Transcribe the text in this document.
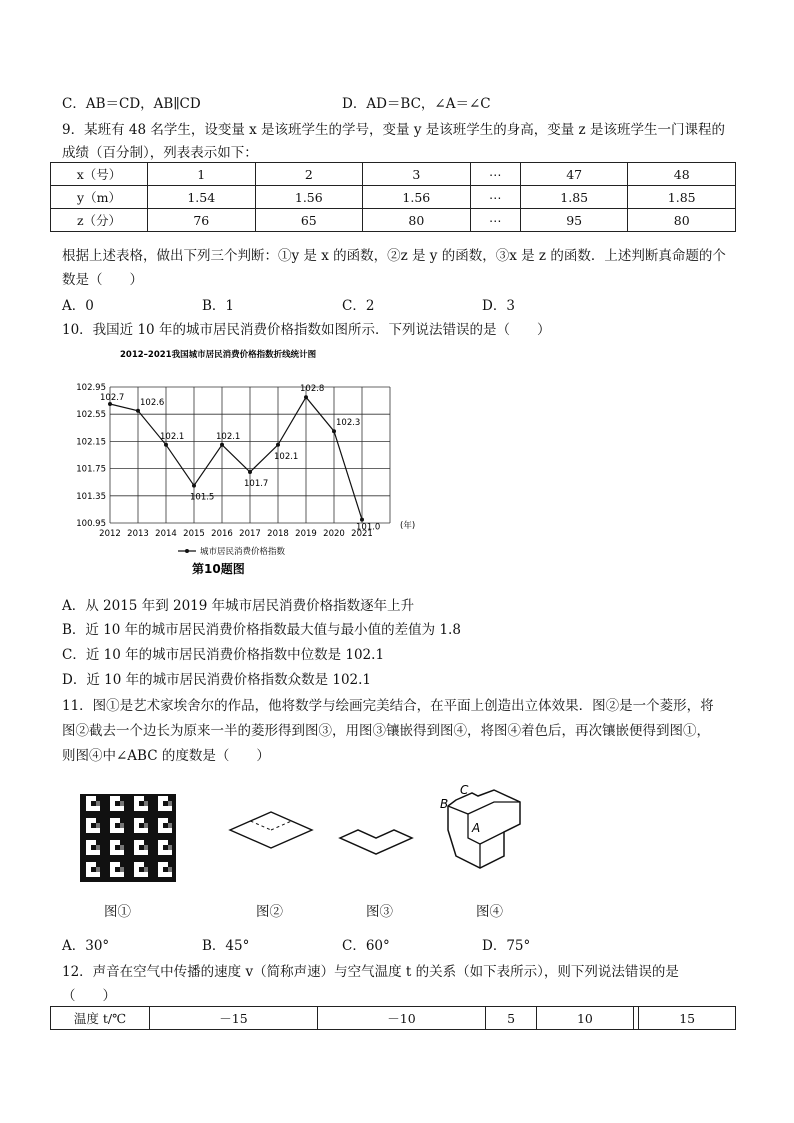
C．AB＝CD，AB∥CD	D．AD＝BC，∠A＝∠C
9．某班有 48 名学生，设变量 x 是该班学生的学号，变量 y 是该班学生的身高，变量 z 是该班学生一门课程的
成绩（百分制），列表表示如下：
x（号）	1	2	3	⋯	47	48
y（m）	1.54	1.56	1.56	⋯	1.85	1.85
z（分）	76	65	80	⋯	95	80
根据上述表格，做出下列三个判断：①y 是 x 的函数，②z 是 y 的函数，③x 是 z 的函数．上述判断真命题的个
数是（　　）
A．0	B．1	C．2	D．3
10．我国近 10 年的城市居民消费价格指数如图所示．下列说法错误的是（　　）
2012–2021我国城市居民消费价格指数折线统计图
102.95
102.55
102.15
101.75
101.35
100.95
2012 2013 2014 2015 2016 2017 2018 2019 2020 2021
(年)
102.7 102.6
102.1
101.5
102.1
101.7
102.1
102.8
102.3
101.0
城市居民消费价格指数
第10题图
A．从 2015 年到 2019 年城市居民消费价格指数逐年上升
B．近 10 年的城市居民消费价格指数最大值与最小值的差值为 1.8
C．近 10 年的城市居民消费价格指数中位数是 102.1
D．近 10 年的城市居民消费价格指数众数是 102.1
11．图①是艺术家埃舍尔的作品，他将数学与绘画完美结合，在平面上创造出立体效果．图②是一个菱形，将
图②截去一个边长为原来一半的菱形得到图③，用图③镶嵌得到图④，将图④着色后，再次镶嵌便得到图①，
则图④中∠ABC 的度数是（　　）
B
C
A
图①	图②	图③	图④
A．30°	B．45°	C．60°	D．75°
12．声音在空气中传播的速度 v（简称声速）与空气温度 t 的关系（如下表所示），则下列说法错误的是
（　　）
温度 t/℃	－15	－10	5	10		15
